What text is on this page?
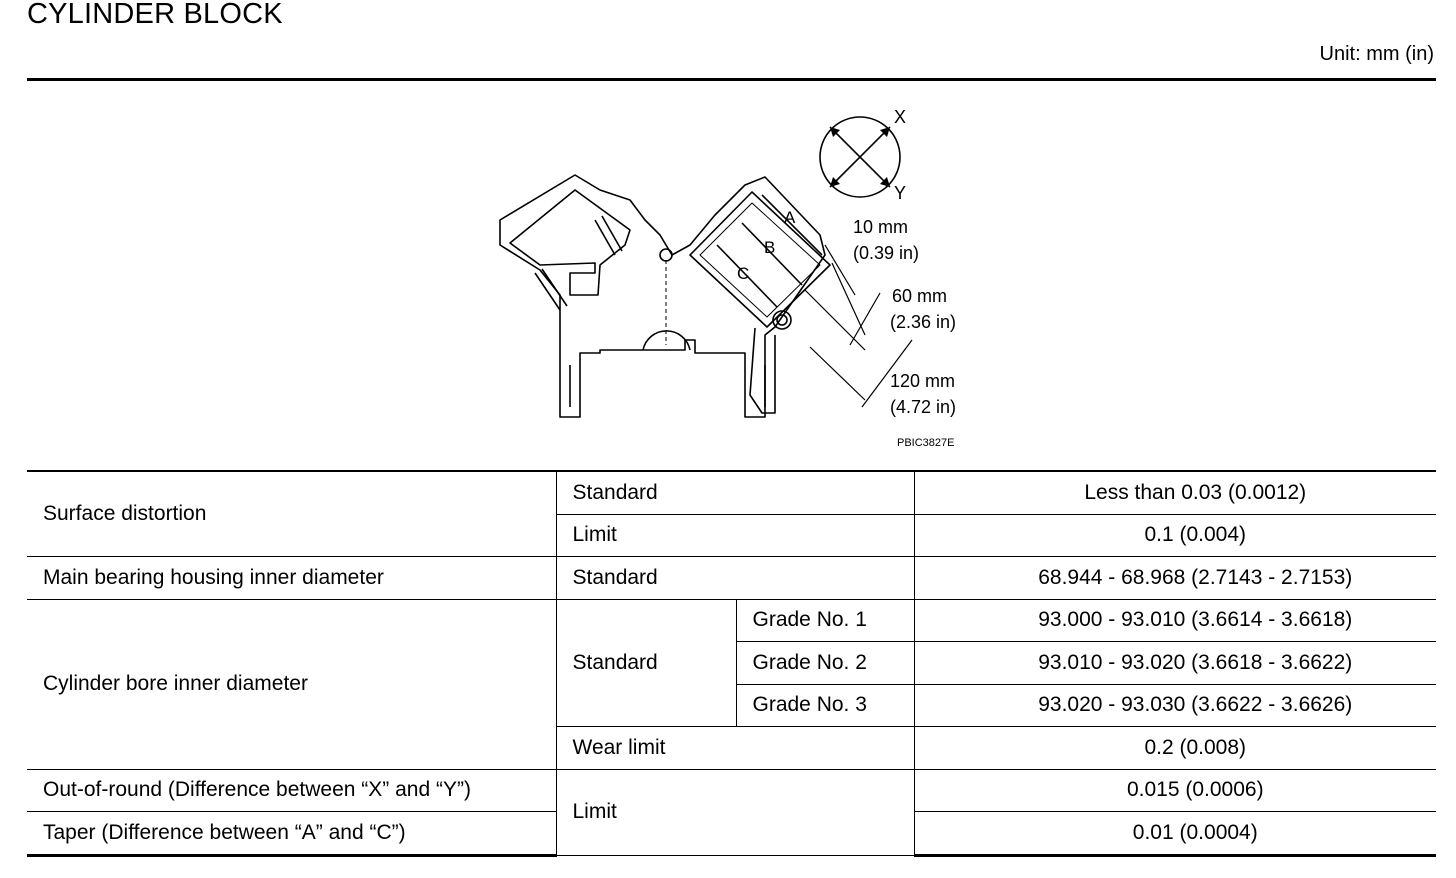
CYLINDER BLOCK
Unit: mm (in)
X
Y
A
B
C
10 mm
(0.39 in)
60 mm
(2.36 in)
120 mm
(4.72 in)
PBIC3827E
Surface distortion	Standard		Less than 0.03 (0.0012)
	Limit		0.1 (0.004)
Main bearing housing inner diameter	Standard		68.944 - 68.968 (2.7143 - 2.7153)
Cylinder bore inner diameter	Standard	Grade No. 1	93.000 - 93.010 (3.6614 - 3.6618)
		Grade No. 2	93.010 - 93.020 (3.6618 - 3.6622)
		Grade No. 3	93.020 - 93.030 (3.6622 - 3.6626)
	Wear limit		0.2 (0.008)
Out-of-round (Difference between “X” and “Y”)	Limit		0.015 (0.0006)
Taper (Difference between “A” and “C”)			0.01 (0.0004)
